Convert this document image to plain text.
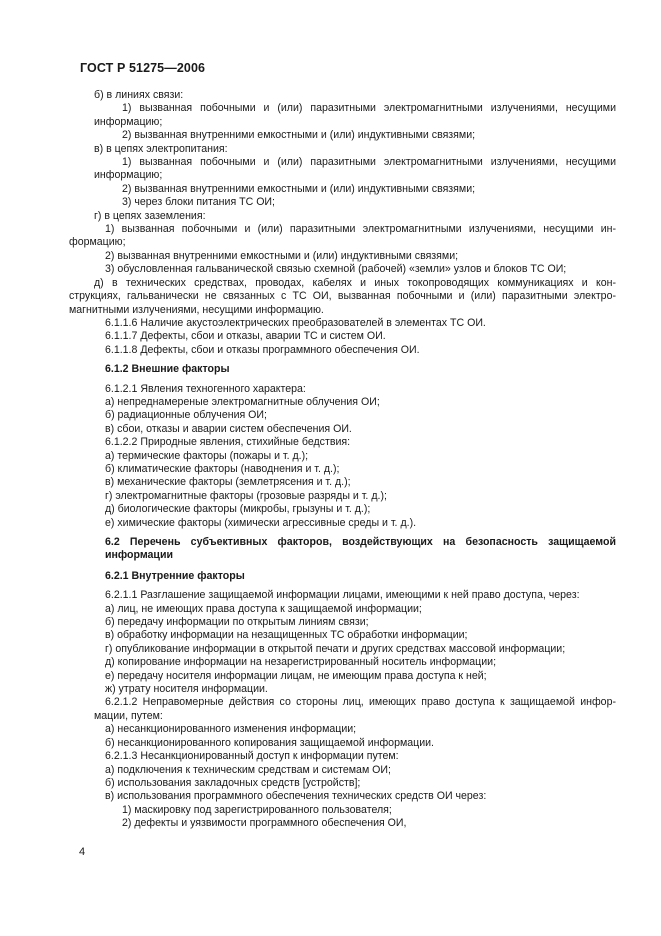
ГОСТ Р 51275—2006
б) в линиях связи:
1) вызванная побочными и (или) паразитными электромагнитными излучениями, несущими
информацию;
2) вызванная внутренними емкостными и (или) индуктивными связями;
в) в цепях электропитания:
1) вызванная побочными и (или) паразитными электромагнитными излучениями, несущими
информацию;
2) вызванная внутренними емкостными и (или) индуктивными связями;
3) через блоки питания ТС ОИ;
г) в цепях заземления:
1) вызванная побочными и (или) паразитными электромагнитными излучениями, несущими ин-
формацию;
2) вызванная внутренними емкостными и (или) индуктивными связями;
3) обусловленная гальванической связью схемной (рабочей) «земли» узлов и блоков ТС ОИ;
д) в технических средствах, проводах, кабелях и иных токопроводящих коммуникациях и кон-
струкциях, гальванически не связанных с ТС ОИ, вызванная побочными и (или) паразитными электро-
магнитными излучениями, несущими информацию.
6.1.1.6 Наличие акустоэлектрических преобразователей в элементах ТС ОИ.
6.1.1.7 Дефекты, сбои и отказы, аварии ТС и систем ОИ.
6.1.1.8 Дефекты, сбои и отказы программного обеспечения ОИ.
6.1.2 Внешние факторы
6.1.2.1 Явления техногенного характера:
а) непреднамереные электромагнитные облучения ОИ;
б) радиационные облучения ОИ;
в) сбои, отказы и аварии систем обеспечения ОИ.
6.1.2.2 Природные явления, стихийные бедствия:
а) термические факторы (пожары и т. д.);
б) климатические факторы (наводнения и т. д.);
в) механические факторы (землетрясения и т. д.);
г) электромагнитные факторы (грозовые разряды и т. д.);
д) биологические факторы (микробы, грызуны и т. д.);
е) химические факторы (химически агрессивные среды и т. д.).
6.2 Перечень субъективных факторов, воздействующих на безопасность защищаемой
информации
6.2.1 Внутренние факторы
6.2.1.1 Разглашение защищаемой информации лицами, имеющими к ней право доступа, через:
а) лиц, не имеющих права доступа к защищаемой информации;
б) передачу информации по открытым линиям связи;
в) обработку информации на незащищенных ТС обработки информации;
г) опубликование информации в открытой печати и других средствах массовой информации;
д) копирование информации на незарегистрированный носитель информации;
е) передачу носителя информации лицам, не имеющим права доступа к ней;
ж) утрату носителя информации.
6.2.1.2 Неправомерные действия со стороны лиц, имеющих право доступа к защищаемой инфор-
мации, путем:
а) несанкционированного изменения информации;
б) несанкционированного копирования защищаемой информации.
6.2.1.3 Несанкционированный доступ к информации путем:
а) подключения к техническим средствам и системам ОИ;
б) использования закладочных средств [устройств];
в) использования программного обеспечения технических средств ОИ через:
1) маскировку под зарегистрированного пользователя;
2) дефекты и уязвимости программного обеспечения ОИ,
4
